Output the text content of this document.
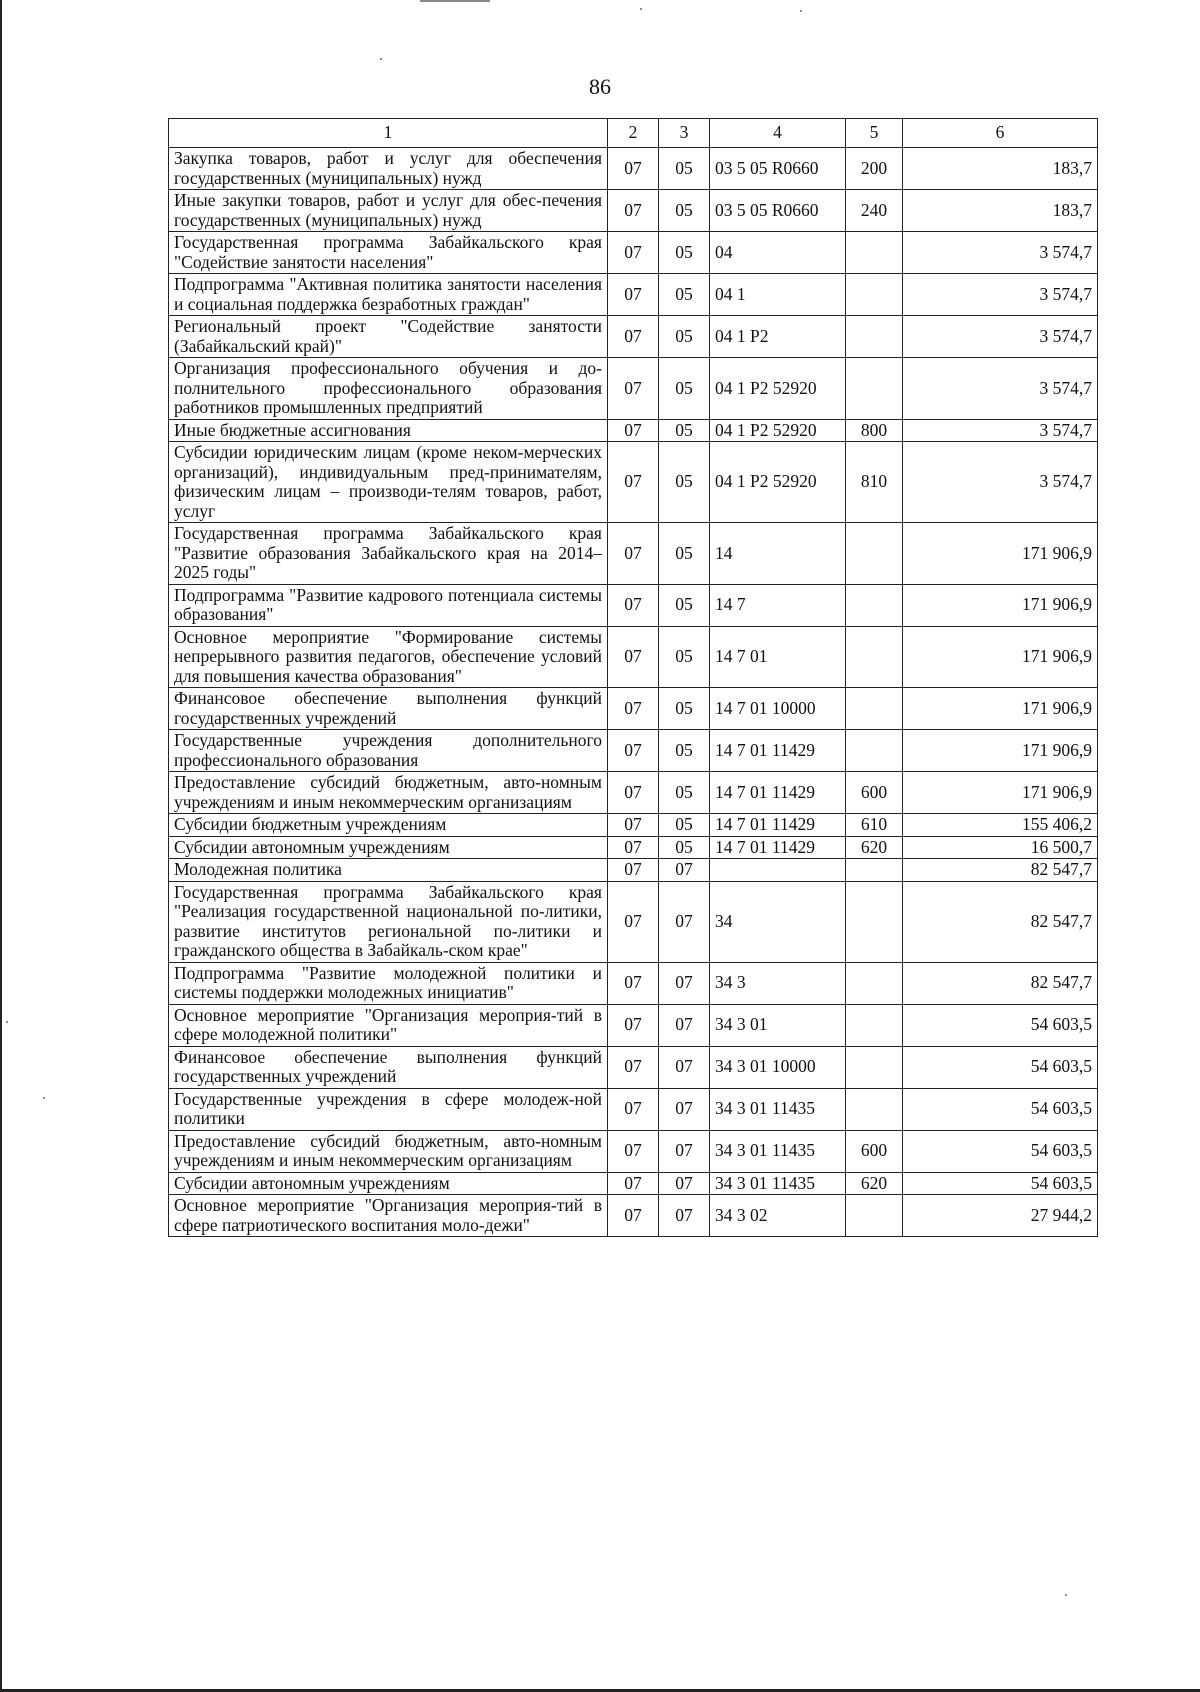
86
1	2	3	4	5	6
Закупка товаров, работ и услуг для обеспечения государственных (муниципальных) нужд	07	05	03 5 05 R0660	200	183,7
Иные закупки товаров, работ и услуг для обес-печения государственных (муниципальных) нужд	07	05	03 5 05 R0660	240	183,7
Государственная программа Забайкальского края "Содействие занятости населения"	07	05	04		3 574,7
Подпрограмма "Активная политика занятости населения и социальная поддержка безработных граждан"	07	05	04 1		3 574,7
Региональный проект "Содействие занятости (Забайкальский край)"	07	05	04 1 P2		3 574,7
Организация профессионального обучения и до-полнительного профессионального образования работников промышленных предприятий	07	05	04 1 P2 52920		3 574,7
Иные бюджетные ассигнования	07	05	04 1 P2 52920	800	3 574,7
Субсидии юридическим лицам (кроме неком-мерческих организаций), индивидуальным пред-принимателям, физическим лицам – производи-телям товаров, работ, услуг	07	05	04 1 P2 52920	810	3 574,7
Государственная программа Забайкальского края "Развитие образования Забайкальского края на 2014–2025 годы"	07	05	14		171 906,9
Подпрограмма "Развитие кадрового потенциала системы образования"	07	05	14 7		171 906,9
Основное мероприятие "Формирование системы непрерывного развития педагогов, обеспечение условий для повышения качества образования"	07	05	14 7 01		171 906,9
Финансовое обеспечение выполнения функций государственных учреждений	07	05	14 7 01 10000		171 906,9
Государственные учреждения дополнительного профессионального образования	07	05	14 7 01 11429		171 906,9
Предоставление субсидий бюджетным, авто-номным учреждениям и иным некоммерческим организациям	07	05	14 7 01 11429	600	171 906,9
Субсидии бюджетным учреждениям	07	05	14 7 01 11429	610	155 406,2
Субсидии автономным учреждениям	07	05	14 7 01 11429	620	16 500,7
Молодежная политика	07	07			82 547,7
Государственная программа Забайкальского края "Реализация государственной национальной по-литики, развитие институтов региональной по-литики и гражданского общества в Забайкаль-ском крае"	07	07	34		82 547,7
Подпрограмма "Развитие молодежной политики и системы поддержки молодежных инициатив"	07	07	34 3		82 547,7
Основное мероприятие "Организация мероприя-тий в сфере молодежной политики"	07	07	34 3 01		54 603,5
Финансовое обеспечение выполнения функций государственных учреждений	07	07	34 3 01 10000		54 603,5
Государственные учреждения в сфере молодеж-ной политики	07	07	34 3 01 11435		54 603,5
Предоставление субсидий бюджетным, авто-номным учреждениям и иным некоммерческим организациям	07	07	34 3 01 11435	600	54 603,5
Субсидии автономным учреждениям	07	07	34 3 01 11435	620	54 603,5
Основное мероприятие "Организация мероприя-тий в сфере патриотического воспитания моло-дежи"	07	07	34 3 02		27 944,2
